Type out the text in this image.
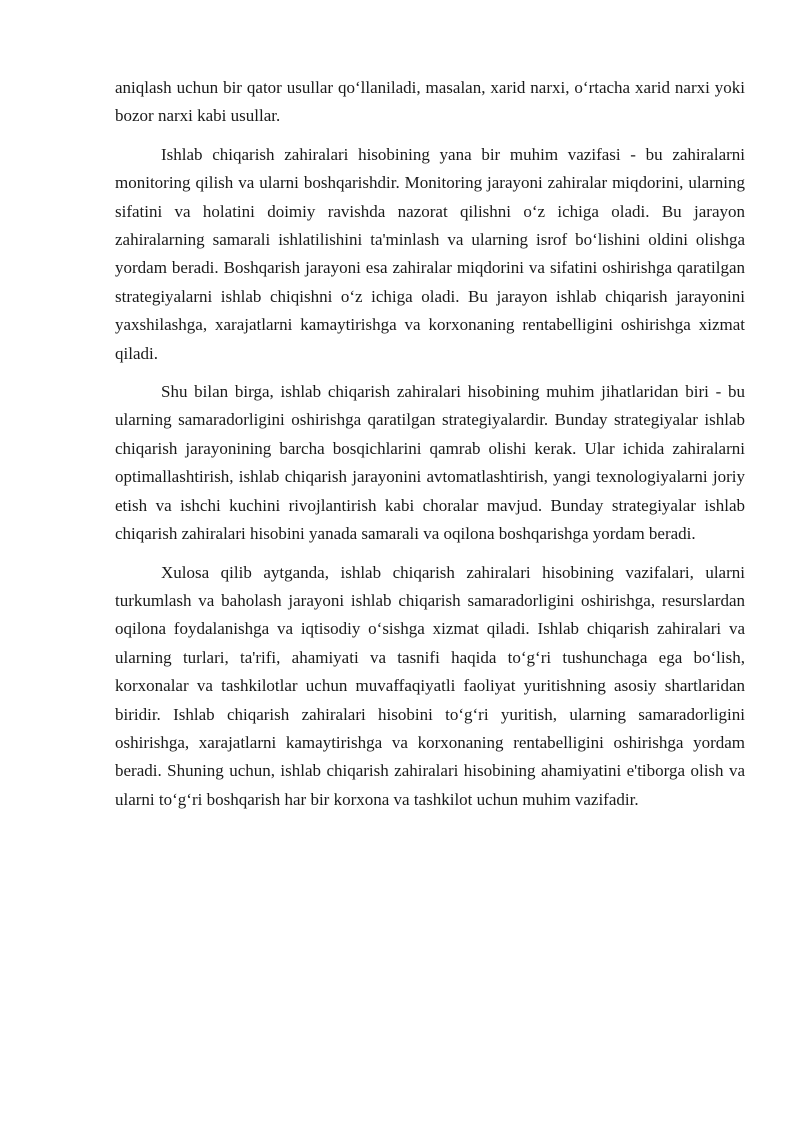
aniqlash uchun bir qator usullar qo‘llaniladi, masalan, xarid narxi, o‘rtacha xarid narxi yoki bozor narxi kabi usullar.

Ishlab chiqarish zahiralari hisobining yana bir muhim vazifasi - bu zahiralarni monitoring qilish va ularni boshqarishdir. Monitoring jarayoni zahiralar miqdorini, ularning sifatini va holatini doimiy ravishda nazorat qilishni o‘z ichiga oladi. Bu jarayon zahiralarning samarali ishlatilishini ta'minlash va ularning isrof bo‘lishini oldini olishga yordam beradi. Boshqarish jarayoni esa zahiralar miqdorini va sifatini oshirishga qaratilgan strategiyalarni ishlab chiqishni o‘z ichiga oladi. Bu jarayon ishlab chiqarish jarayonini yaxshilashga, xarajatlarni kamaytirishga va korxonaning rentabelligini oshirishga xizmat qiladi.

Shu bilan birga, ishlab chiqarish zahiralari hisobining muhim jihatlaridan biri - bu ularning samaradorligini oshirishga qaratilgan strategiyalardir. Bunday strategiyalar ishlab chiqarish jarayonining barcha bosqichlarini qamrab olishi kerak. Ular ichida zahiralarni optimallashtirish, ishlab chiqarish jarayonini avtomatlashtirish, yangi texnologiyalarni joriy etish va ishchi kuchini rivojlantirish kabi choralar mavjud. Bunday strategiyalar ishlab chiqarish zahiralari hisobini yanada samarali va oqilona boshqarishga yordam beradi.

Xulosa qilib aytganda, ishlab chiqarish zahiralari hisobining vazifalari, ularni turkumlash va baholash jarayoni ishlab chiqarish samaradorligini oshirishga, resurslardan oqilona foydalanishga va iqtisodiy o‘sishga xizmat qiladi. Ishlab chiqarish zahiralari va ularning turlari, ta'rifi, ahamiyati va tasnifi haqida to‘g‘ri tushunchaga ega bo‘lish, korxonalar va tashkilotlar uchun muvaffaqiyatli faoliyat yuritishning asosiy shartlaridan biridir. Ishlab chiqarish zahiralari hisobini to‘g‘ri yuritish, ularning samaradorligini oshirishga, xarajatlarni kamaytirishga va korxonaning rentabelligini oshirishga yordam beradi. Shuning uchun, ishlab chiqarish zahiralari hisobining ahamiyatini e'tiborga olish va ularni to‘g‘ri boshqarish har bir korxona va tashkilot uchun muhim vazifadir.
